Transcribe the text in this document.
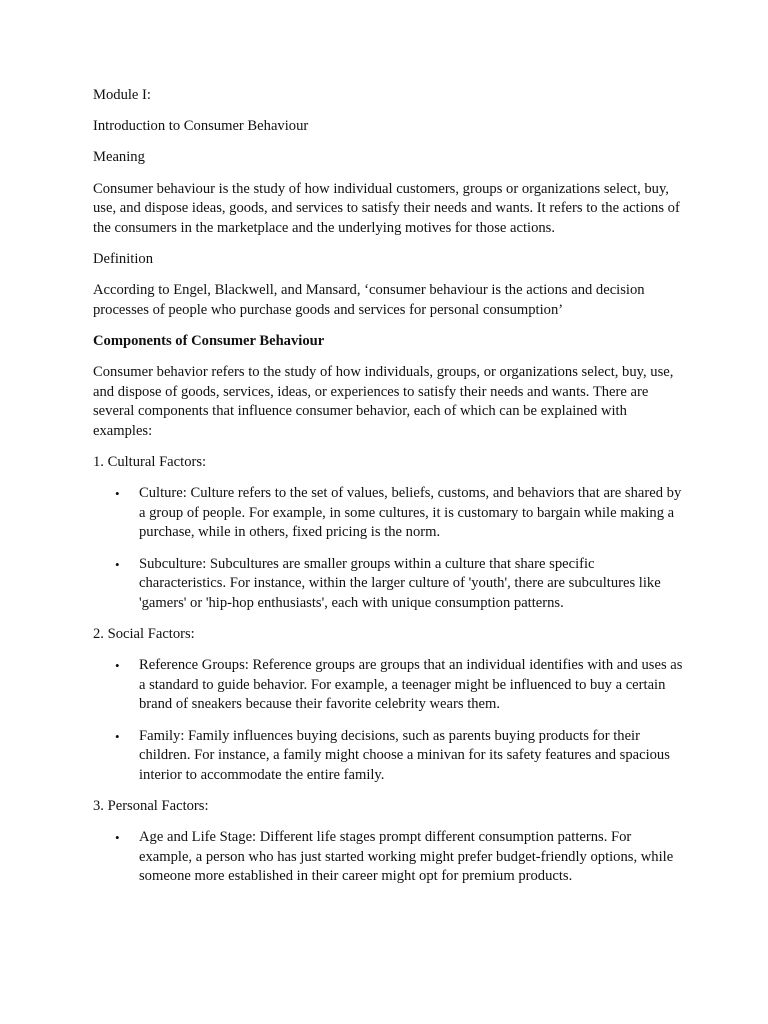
Module I:
Introduction to Consumer Behaviour
Meaning
Consumer behaviour is the study of how individual customers, groups or organizations select, buy, use, and dispose ideas, goods, and services to satisfy their needs and wants. It refers to the actions of the consumers in the marketplace and the underlying motives for those actions.
Definition
According to Engel, Blackwell, and Mansard, ‘consumer behaviour is the actions and decision processes of people who purchase goods and services for personal consumption’
Components of Consumer Behaviour
Consumer behavior refers to the study of how individuals, groups, or organizations select, buy, use, and dispose of goods, services, ideas, or experiences to satisfy their needs and wants. There are several components that influence consumer behavior, each of which can be explained with examples:
1. Cultural Factors:
• Culture: Culture refers to the set of values, beliefs, customs, and behaviors that are shared by a group of people. For example, in some cultures, it is customary to bargain while making a purchase, while in others, fixed pricing is the norm.
• Subculture: Subcultures are smaller groups within a culture that share specific characteristics. For instance, within the larger culture of 'youth', there are subcultures like 'gamers' or 'hip-hop enthusiasts', each with unique consumption patterns.
2. Social Factors:
• Reference Groups: Reference groups are groups that an individual identifies with and uses as a standard to guide behavior. For example, a teenager might be influenced to buy a certain brand of sneakers because their favorite celebrity wears them.
• Family: Family influences buying decisions, such as parents buying products for their children. For instance, a family might choose a minivan for its safety features and spacious interior to accommodate the entire family.
3. Personal Factors:
• Age and Life Stage: Different life stages prompt different consumption patterns. For example, a person who has just started working might prefer budget-friendly options, while someone more established in their career might opt for premium products.
